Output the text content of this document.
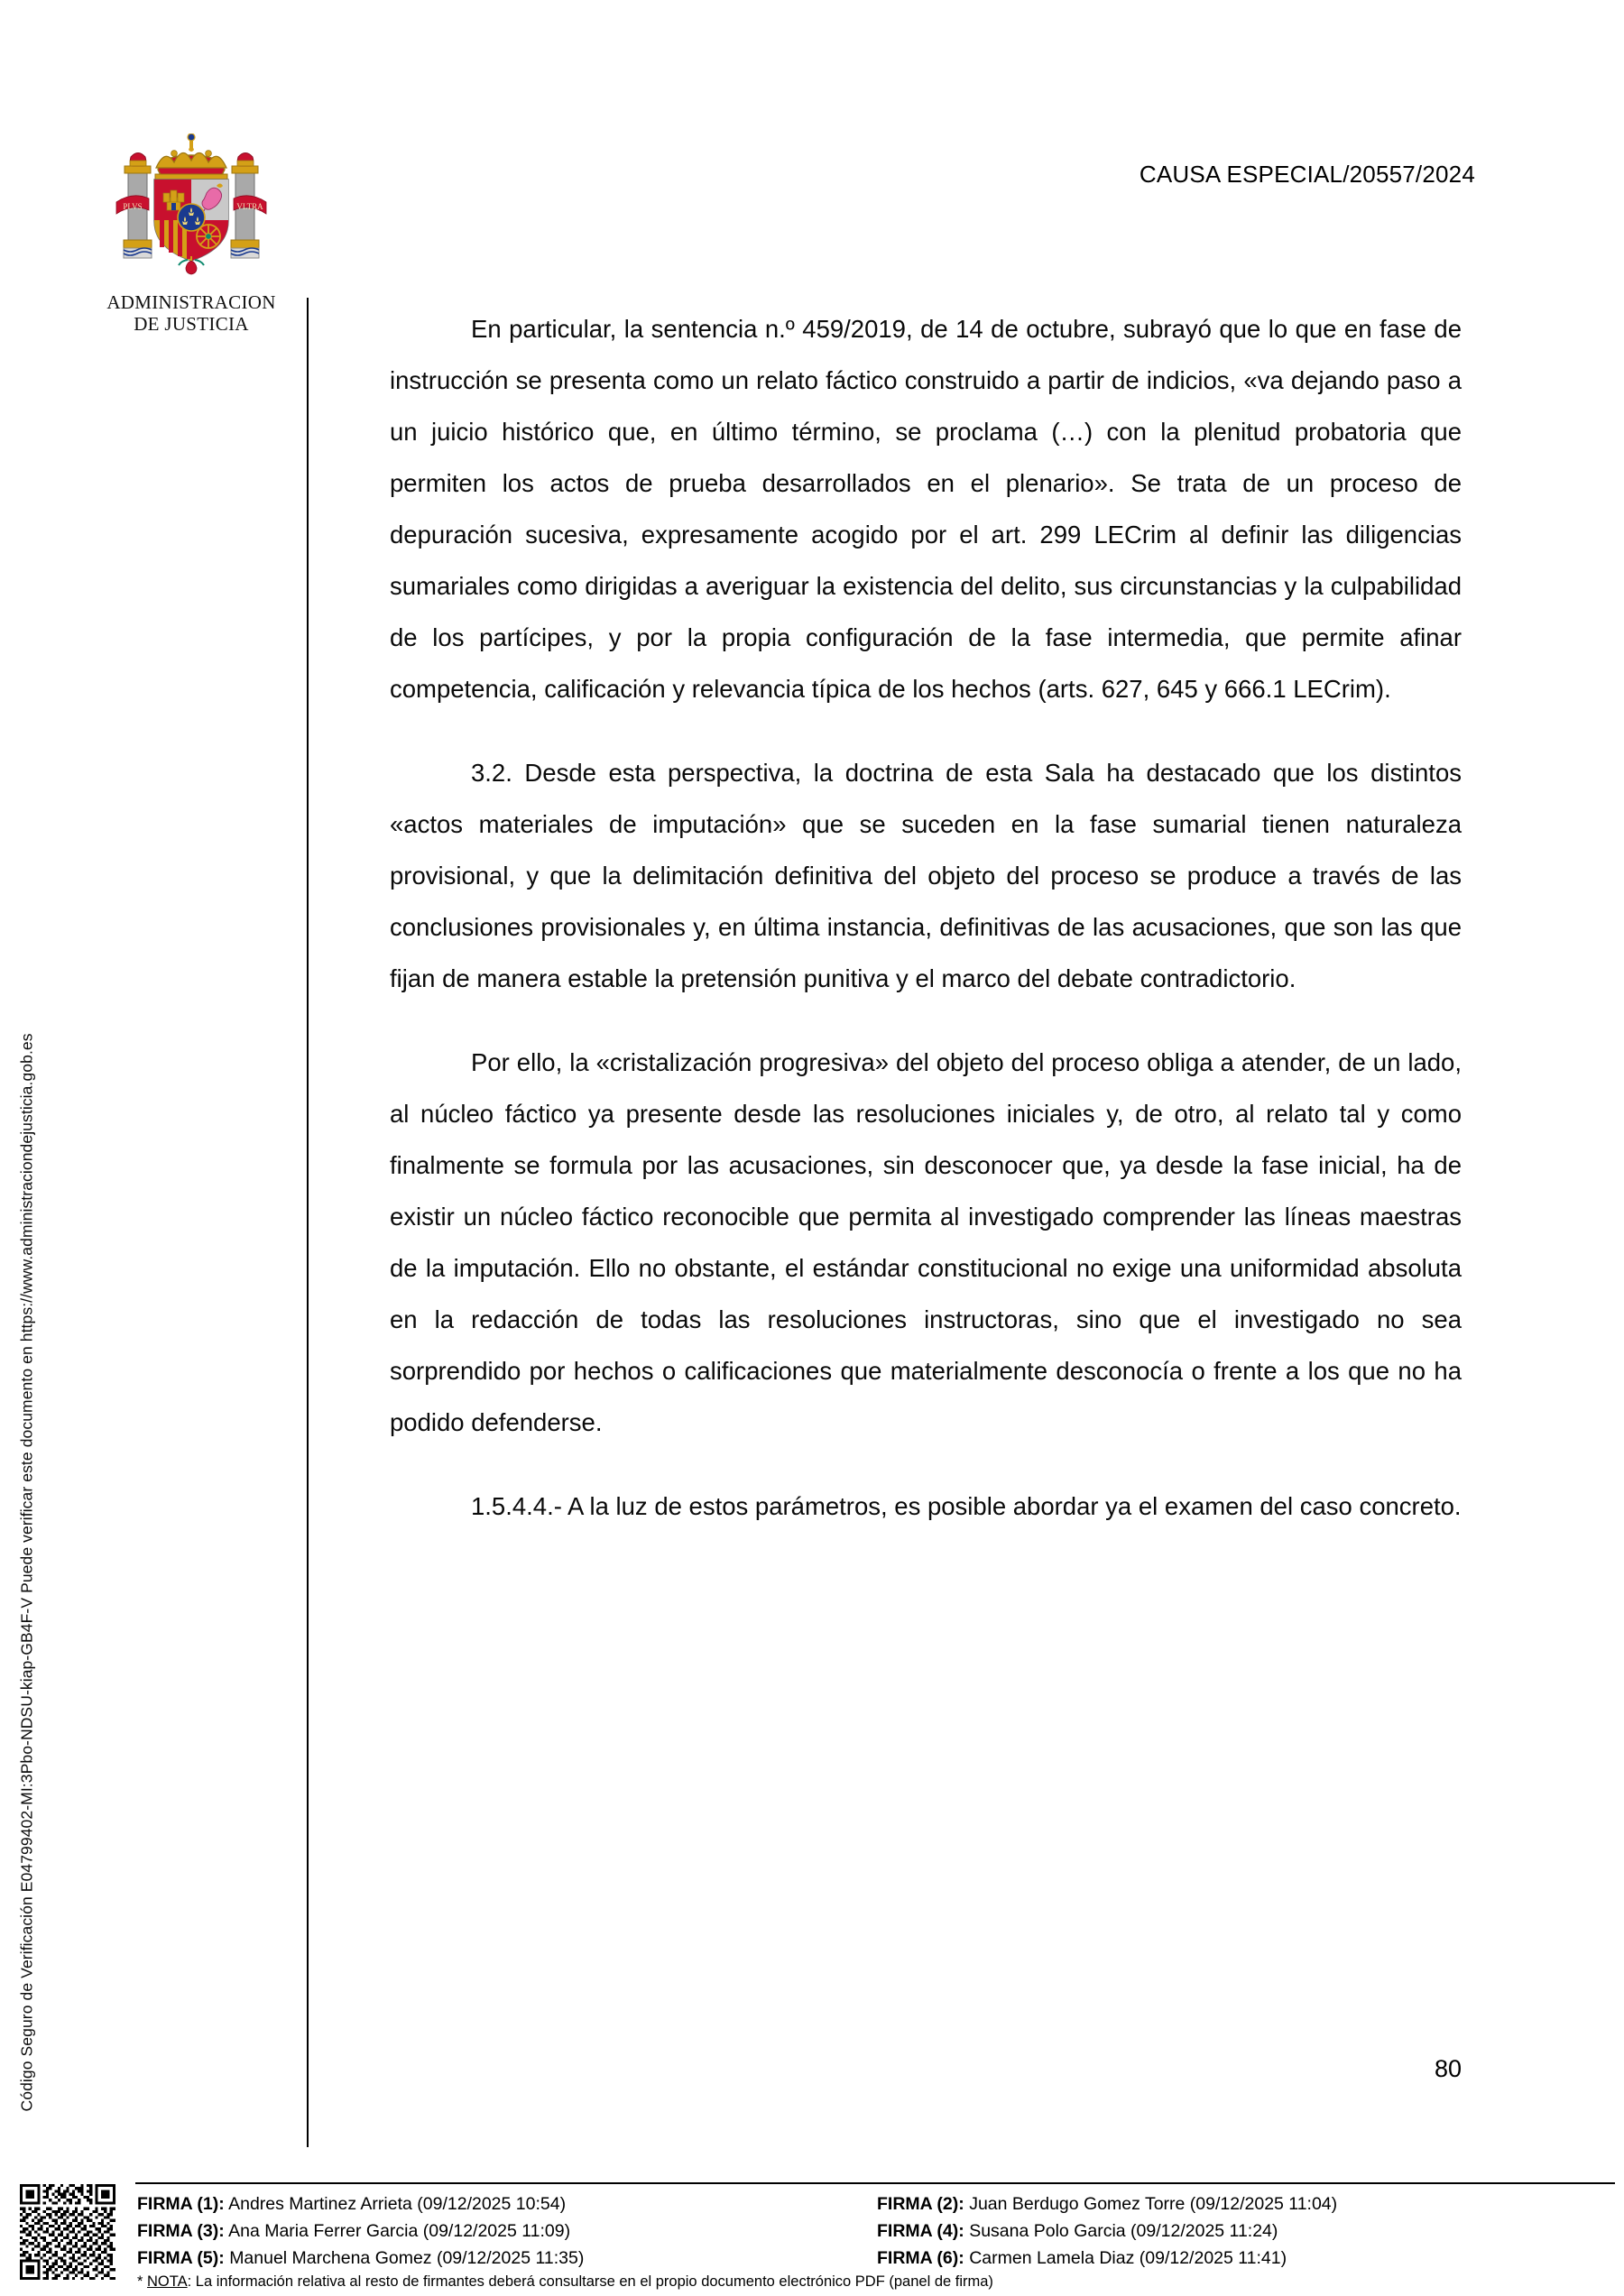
Código Seguro de Verificación E04799402-MI:3Pbo-NDSU-kiap-GB4F-V Puede verificar este documento en https://www.administraciondejusticia.gob.es
PLVS	VLTRA
ADMINISTRACION
DE JUSTICIA
CAUSA ESPECIAL/20557/2024

En particular, la sentencia n.º 459/2019, de 14 de octubre, subrayó que lo que en fase de instrucción se presenta como un relato fáctico construido a partir de indicios, «va dejando paso a un juicio histórico que, en último término, se proclama (…) con la plenitud probatoria que permiten los actos de prueba desarrollados en el plenario». Se trata de un proceso de depuración sucesiva, expresamente acogido por el art. 299 LECrim al definir las diligencias sumariales como dirigidas a averiguar la existencia del delito, sus circunstancias y la culpabilidad de los partícipes, y por la propia configuración de la fase intermedia, que permite afinar competencia, calificación y relevancia típica de los hechos (arts. 627, 645 y 666.1 LECrim).

3.2. Desde esta perspectiva, la doctrina de esta Sala ha destacado que los distintos «actos materiales de imputación» que se suceden en la fase sumarial tienen naturaleza provisional, y que la delimitación definitiva del objeto del proceso se produce a través de las conclusiones provisionales y, en última instancia, definitivas de las acusaciones, que son las que fijan de manera estable la pretensión punitiva y el marco del debate contradictorio.

Por ello, la «cristalización progresiva» del objeto del proceso obliga a atender, de un lado, al núcleo fáctico ya presente desde las resoluciones iniciales y, de otro, al relato tal y como finalmente se formula por las acusaciones, sin desconocer que, ya desde la fase inicial, ha de existir un núcleo fáctico reconocible que permita al investigado comprender las líneas maestras de la imputación. Ello no obstante, el estándar constitucional no exige una uniformidad absoluta en la redacción de todas las resoluciones instructoras, sino que el investigado no sea sorprendido por hechos o calificaciones que materialmente desconocía o frente a los que no ha podido defenderse.

1.5.4.4.- A la luz de estos parámetros, es posible abordar ya el examen del caso concreto.

80
FIRMA (1): Andres Martinez Arrieta (09/12/2025 10:54)	FIRMA (2): Juan Berdugo Gomez Torre (09/12/2025 11:04)
FIRMA (3): Ana Maria Ferrer Garcia (09/12/2025 11:09)	FIRMA (4): Susana Polo Garcia (09/12/2025 11:24)
FIRMA (5): Manuel Marchena Gomez (09/12/2025 11:35)	FIRMA (6): Carmen Lamela Diaz (09/12/2025 11:41)
* NOTA: La información relativa al resto de firmantes deberá consultarse en el propio documento electrónico PDF (panel de firma)
